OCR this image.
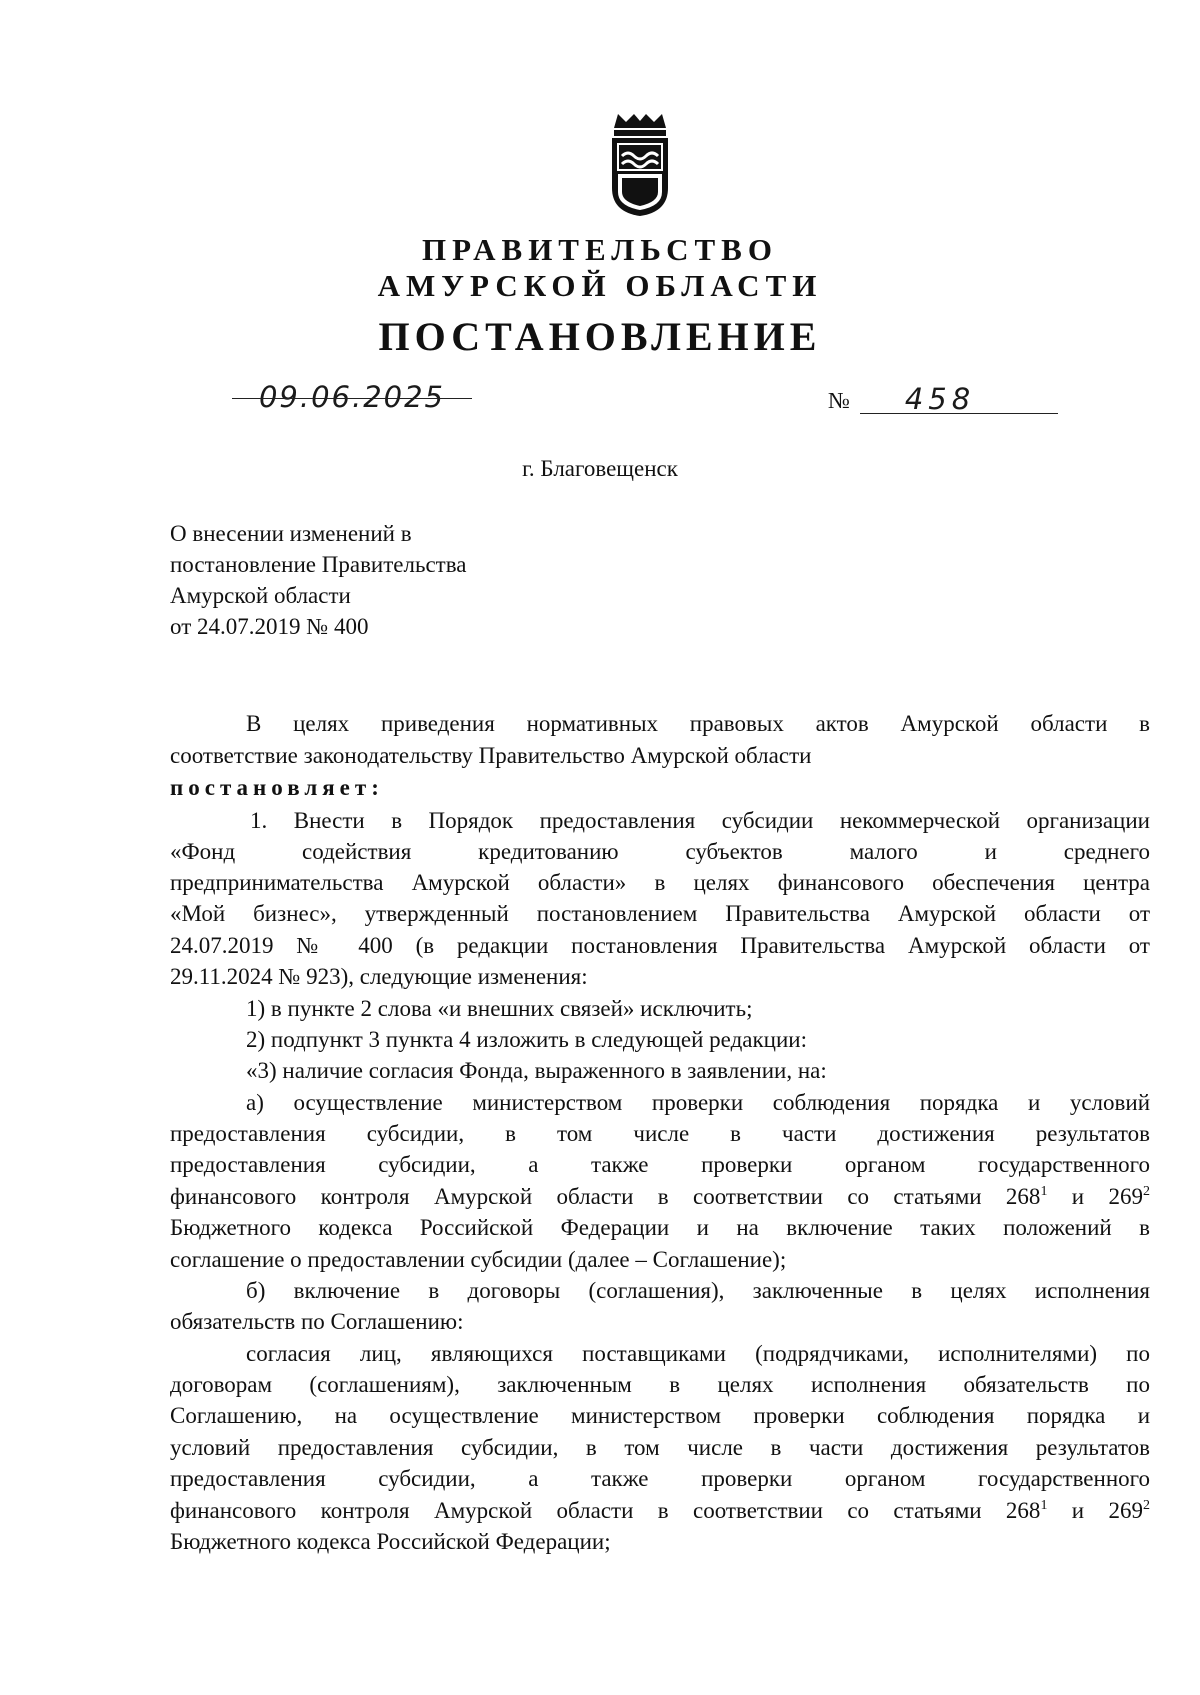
ПРАВИТЕЛЬСТВО
АМУРСКОЙ ОБЛАСТИ
ПОСТАНОВЛЕНИЕ
09.06.2025	№	458
г. Благовещенск
О внесении изменений в
постановление Правительства
Амурской области
от 24.07.2019 № 400
В целях приведения нормативных правовых актов Амурской области в
соответствие законодательству Правительство Амурской области
постановляет:
1. Внести в Порядок предоставления субсидии некоммерческой организации
«Фонд содействия кредитованию субъектов малого и среднего
предпринимательства Амурской области» в целях финансового обеспечения центра
«Мой бизнес», утвержденный постановлением Правительства Амурской области от
24.07.2019 № 400 (в редакции постановления Правительства Амурской области от
29.11.2024 № 923), следующие изменения:
1) в пункте 2 слова «и внешних связей» исключить;
2) подпункт 3 пункта 4 изложить в следующей редакции:
«3) наличие согласия Фонда, выраженного в заявлении, на:
а) осуществление министерством проверки соблюдения порядка и условий
предоставления субсидии, в том числе в части достижения результатов
предоставления субсидии, а также проверки органом государственного
финансового контроля Амурской области в соответствии со статьями $268^1$ и $269^2$
Бюджетного кодекса Российской Федерации и на включение таких положений в
соглашение о предоставлении субсидии (далее – Соглашение);
б) включение в договоры (соглашения), заключенные в целях исполнения
обязательств по Соглашению:
согласия лиц, являющихся поставщиками (подрядчиками, исполнителями) по
договорам (соглашениям), заключенным в целях исполнения обязательств по
Соглашению, на осуществление министерством проверки соблюдения порядка и
условий предоставления субсидии, в том числе в части достижения результатов
предоставления субсидии, а также проверки органом государственного
финансового контроля Амурской области в соответствии со статьями $268^1$ и $269^2$
Бюджетного кодекса Российской Федерации;
